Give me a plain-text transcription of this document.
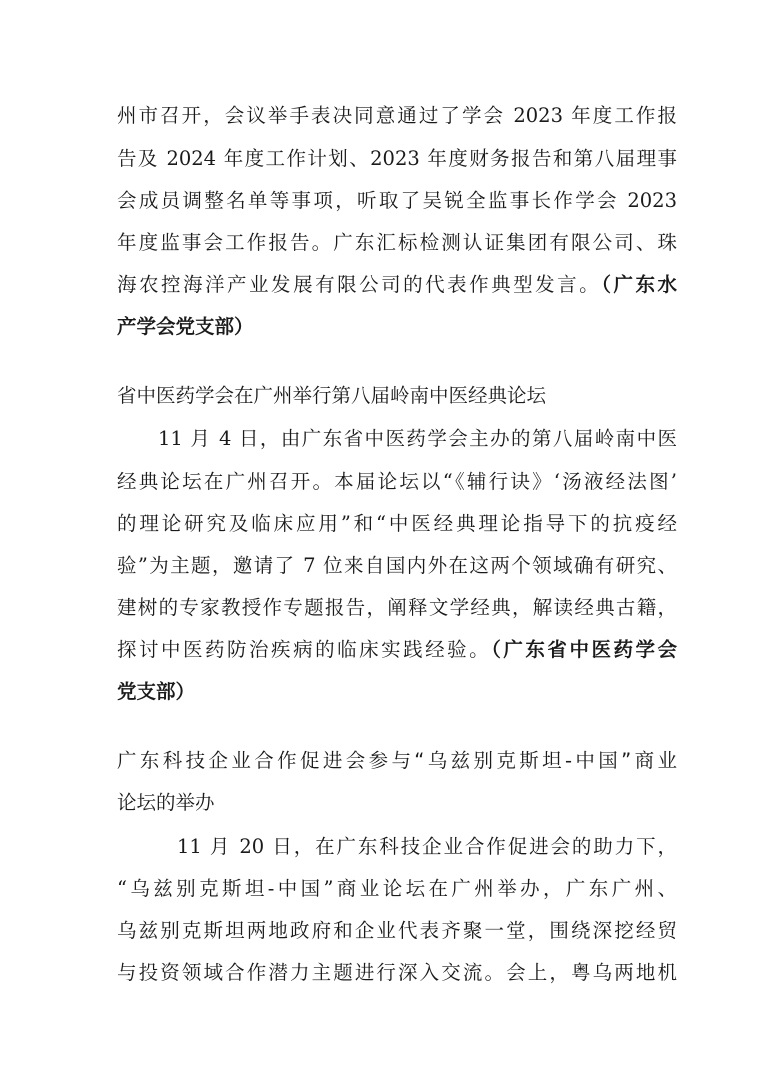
州市召开，会议举手表决同意通过了学会 2023 年度工作报
告及 2024 年度工作计划、2023 年度财务报告和第八届理事
会成员调整名单等事项，听取了吴锐全监事长作学会 2023
年度监事会工作报告。广东汇标检测认证集团有限公司、珠
海农控海洋产业发展有限公司的代表作典型发言。（广东水
产学会党支部）
省中医药学会在广州举行第八届岭南中医经典论坛
11 月 4 日，由广东省中医药学会主办的第八届岭南中医
经典论坛在广州召开。本届论坛以“《辅行诀》‘汤液经法图’
的理论研究及临床应用”和“中医经典理论指导下的抗疫经
验”为主题，邀请了 7 位来自国内外在这两个领域确有研究、
建树的专家教授作专题报告，阐释文学经典，解读经典古籍，
探讨中医药防治疾病的临床实践经验。（广东省中医药学会
党支部）
广东科技企业合作促进会参与“乌兹别克斯坦-中国”商业
论坛的举办
11 月 20 日，在广东科技企业合作促进会的助力下，
“乌兹别克斯坦-中国”商业论坛在广州举办，广东广州、
乌兹别克斯坦两地政府和企业代表齐聚一堂，围绕深挖经贸
与投资领域合作潜力主题进行深入交流。会上，粤乌两地机
